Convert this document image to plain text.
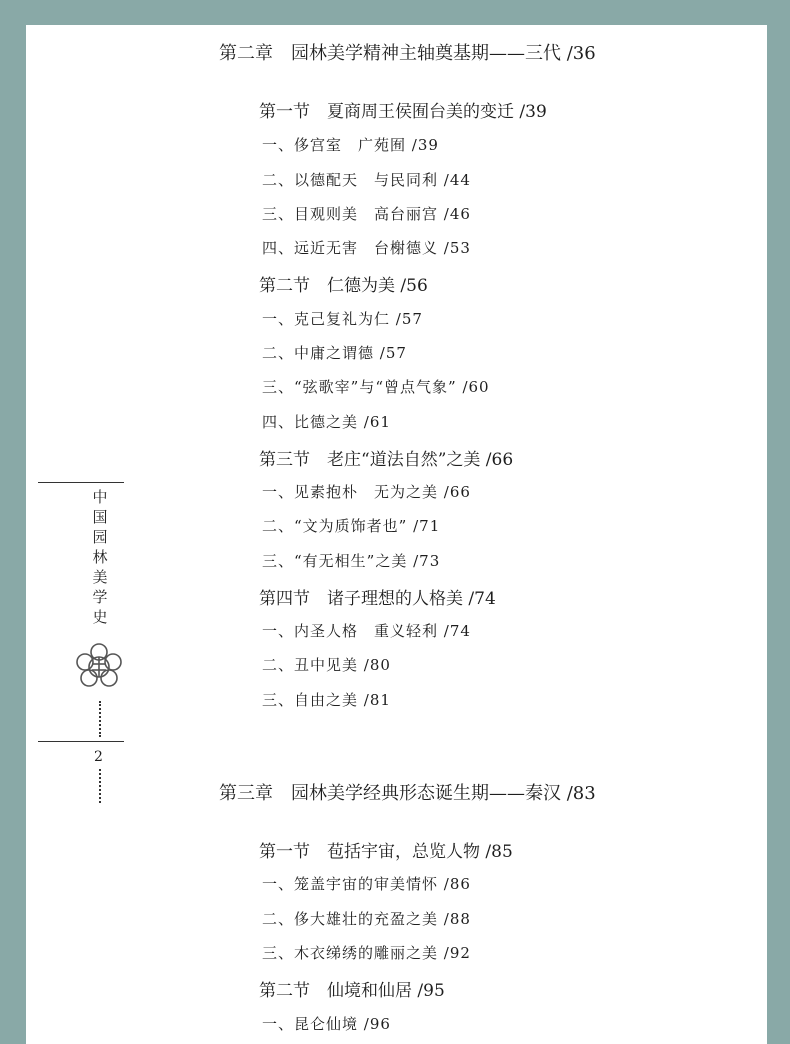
中国园林美学史
2
第二章　园林美学精神主轴奠基期——三代 /36
第一节　夏商周王侯囿台美的变迁 /39
一、侈宫室　广苑囿 /39
二、以德配天　与民同利 /44
三、目观则美　高台丽宫 /46
四、远近无害　台榭德义 /53
第二节　仁德为美 /56
一、克己复礼为仁 /57
二、中庸之谓德 /57
三、“弦歌宰”与“曾点气象” /60
四、比德之美 /61
第三节　老庄“道法自然”之美 /66
一、见素抱朴　无为之美 /66
二、“文为质饰者也” /71
三、“有无相生”之美 /73
第四节　诸子理想的人格美 /74
一、内圣人格　重义轻利 /74
二、丑中见美 /80
三、自由之美 /81
第三章　园林美学经典形态诞生期——秦汉 /83
第一节　苞括宇宙，总览人物 /85
一、笼盖宇宙的审美情怀 /86
二、侈大雄壮的充盈之美 /88
三、木衣绨绣的雕丽之美 /92
第二节　仙境和仙居 /95
一、昆仑仙境 /96
